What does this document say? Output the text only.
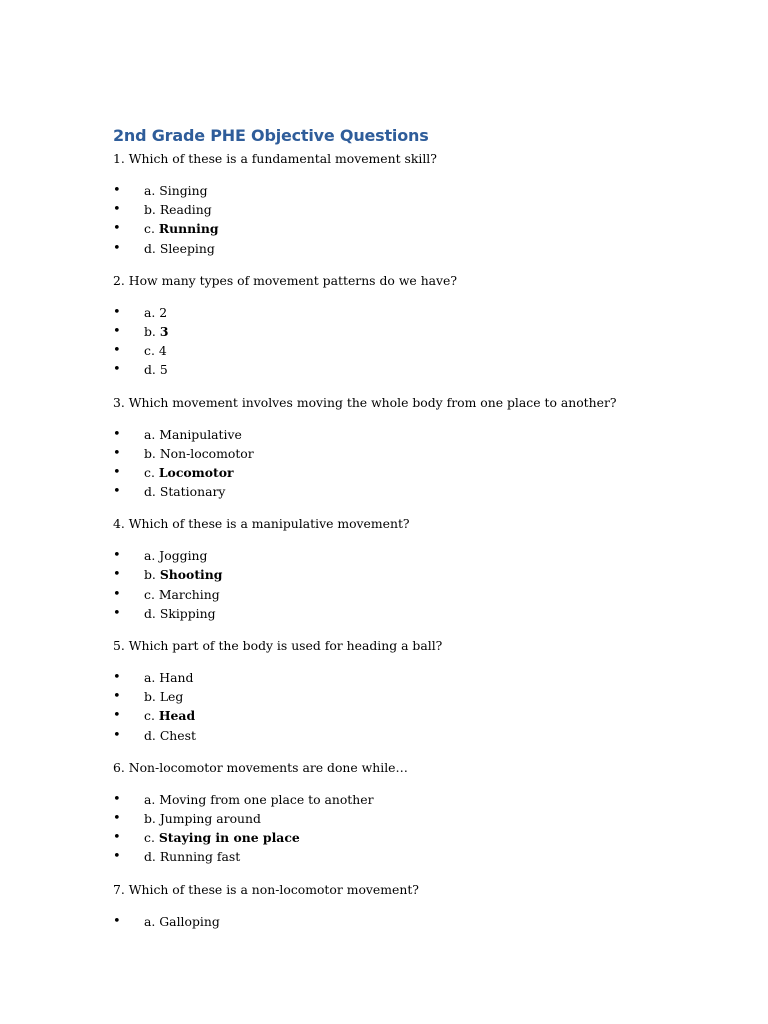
2nd Grade PHE Objective Questions

1. Which of these is a fundamental movement skill?

• a. Singing
• b. Reading
• c. Running
• d. Sleeping

2. How many types of movement patterns do we have?

• a. 2
• b. 3
• c. 4
• d. 5

3. Which movement involves moving the whole body from one place to another?

• a. Manipulative
• b. Non-locomotor
• c. Locomotor
• d. Stationary

4. Which of these is a manipulative movement?

• a. Jogging
• b. Shooting
• c. Marching
• d. Skipping

5. Which part of the body is used for heading a ball?

• a. Hand
• b. Leg
• c. Head
• d. Chest

6. Non-locomotor movements are done while…

• a. Moving from one place to another
• b. Jumping around
• c. Staying in one place
• d. Running fast

7. Which of these is a non-locomotor movement?

• a. Galloping
